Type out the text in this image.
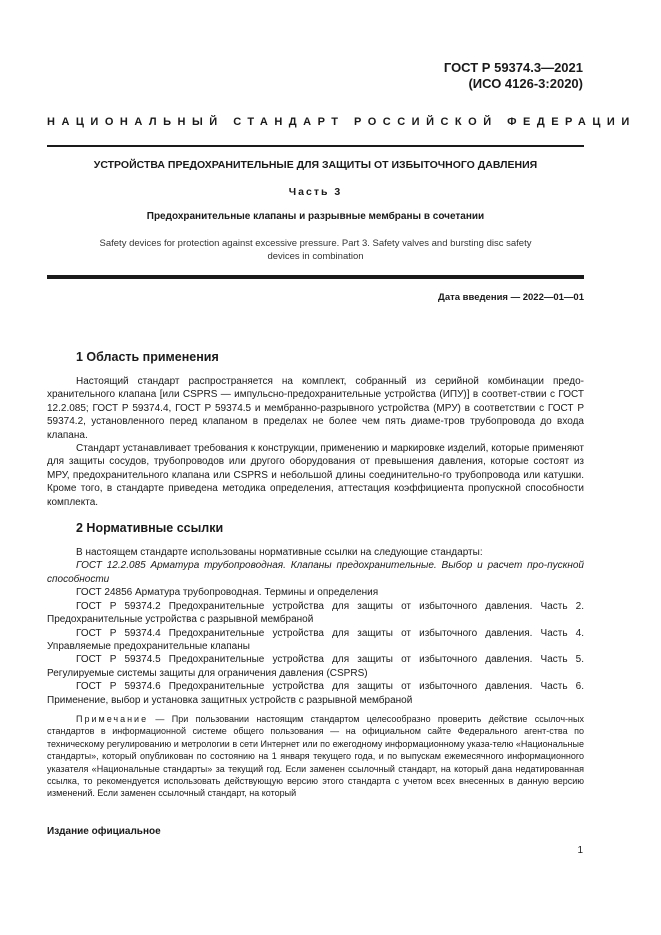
ГОСТ Р 59374.3—2021
(ИСО 4126-3:2020)
НАЦИОНАЛЬНЫЙ СТАНДАРТ РОССИЙСКОЙ ФЕДЕРАЦИИ
УСТРОЙСТВА ПРЕДОХРАНИТЕЛЬНЫЕ ДЛЯ ЗАЩИТЫ ОТ ИЗБЫТОЧНОГО ДАВЛЕНИЯ
Часть 3
Предохранительные клапаны и разрывные мембраны в сочетании
Safety devices for protection against excessive pressure. Part 3. Safety valves and bursting disc safety
devices in combination
Дата введения — 2022—01—01
1 Область применения

Настоящий стандарт распространяется на комплект, собранный из серийной комбинации предо-хранительного клапана [или CSPRS — импульсно-предохранительные устройства (ИПУ)] в соответ-ствии с ГОСТ 12.2.085; ГОСТ Р 59374.4, ГОСТ Р 59374.5 и мембранно-разрывного устройства (МРУ) в соответствии с ГОСТ Р 59374.2, установленного перед клапаном в пределах не более чем пять диаме-тров трубопровода до входа клапана.

Стандарт устанавливает требования к конструкции, применению и маркировке изделий, которые применяют для защиты сосудов, трубопроводов или другого оборудования от превышения давления, которые состоят из МРУ, предохранительного клапана или CSPRS и небольшой длины соединительно-го трубопровода или катушки. Кроме того, в стандарте приведена методика определения, аттестация коэффициента пропускной способности комплекта.

2 Нормативные ссылки

В настоящем стандарте использованы нормативные ссылки на следующие стандарты:

ГОСТ 12.2.085 Арматура трубопроводная. Клапаны предохранительные. Выбор и расчет про-пускной способности

ГОСТ 24856 Арматура трубопроводная. Термины и определения

ГОСТ Р 59374.2 Предохранительные устройства для защиты от избыточного давления. Часть 2. Предохранительные устройства с разрывной мембраной

ГОСТ Р 59374.4 Предохранительные устройства для защиты от избыточного давления. Часть 4. Управляемые предохранительные клапаны

ГОСТ Р 59374.5 Предохранительные устройства для защиты от избыточного давления. Часть 5. Регулируемые системы защиты для ограничения давления (CSPRS)

ГОСТ Р 59374.6 Предохранительные устройства для защиты от избыточного давления. Часть 6. Применение, выбор и установка защитных устройств с разрывной мембраной

Примечание — При пользовании настоящим стандартом целесообразно проверить действие ссылоч-ных стандартов в информационной системе общего пользования — на официальном сайте Федерального агент-ства по техническому регулированию и метрологии в сети Интернет или по ежегодному информационному указа-телю «Национальные стандарты», который опубликован по состоянию на 1 января текущего года, и по выпускам ежемесячного информационного указателя «Национальные стандарты» за текущий год. Если заменен ссылочный стандарт, на который дана недатированная ссылка, то рекомендуется использовать действующую версию этого стандарта с учетом всех внесенных в данную версию изменений. Если заменен ссылочный стандарт, на который

Издание официальное
1
